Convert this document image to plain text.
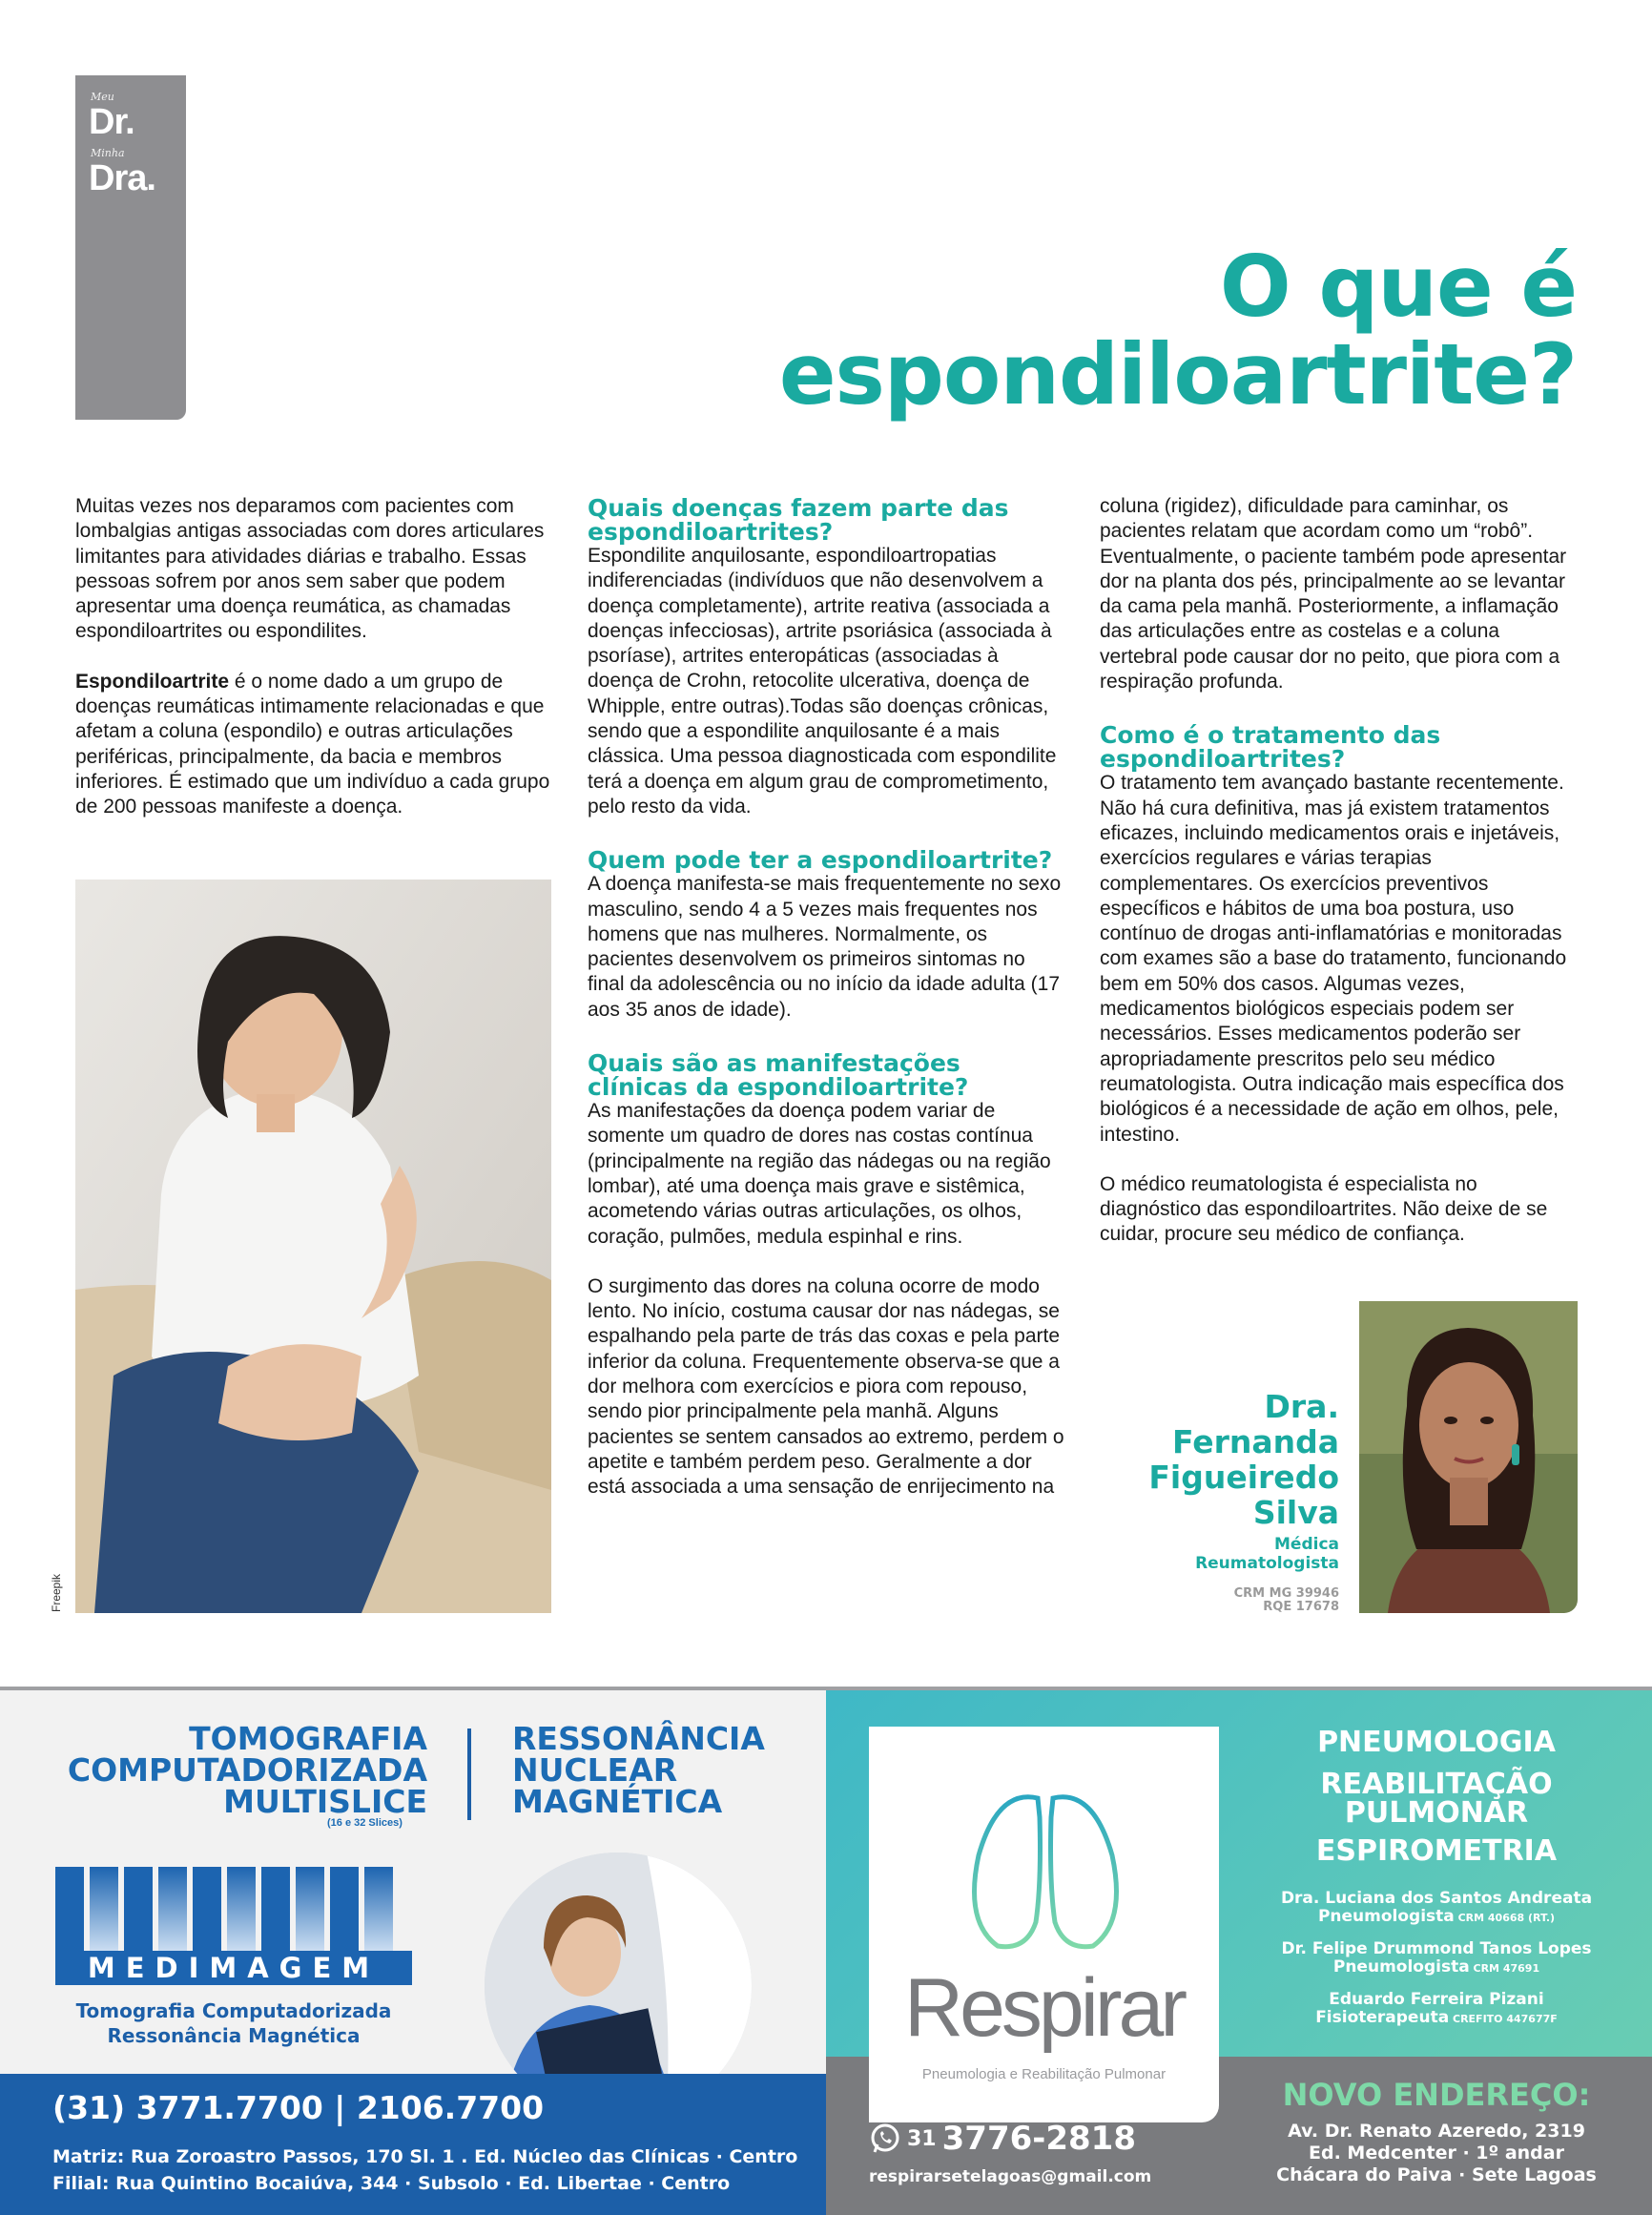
Meu
Dr.
Minha
Dra.
O que é
espondiloartrite?

Muitas vezes nos deparamos com pacientes com lombalgias antigas associadas com dores articulares limitantes para atividades diárias e trabalho. Essas pessoas sofrem por anos sem saber que podem apresentar uma doença reumática, as chamadas espondiloartrites ou espondilites.

Espondiloartrite é o nome dado a um grupo de doenças reumáticas intimamente relacionadas e que afetam a coluna (espondilo) e outras articulações periféricas, principalmente, da bacia e membros inferiores. É estimado que um indivíduo a cada grupo de 200 pessoas manifeste a doença.

Freepik
Quais doenças fazem parte das espondiloartrites?

Espondilite anquilosante, espondiloartropatias indiferenciadas (indivíduos que não desenvolvem a doença completamente), artrite reativa (associada a doenças infecciosas), artrite psoriásica (associada à psoríase), artrites enteropáticas (associadas à doença de Crohn, retocolite ulcerativa, doença de Whipple, entre outras).Todas são doenças crônicas, sendo que a espondilite anquilosante é a mais clássica. Uma pessoa diagnosticada com espondilite terá a doença em algum grau de comprometimento, pelo resto da vida.

Quem pode ter a espondiloartrite?

A doença manifesta-se mais frequentemente no sexo masculino, sendo 4 a 5 vezes mais frequentes nos homens que nas mulheres. Normalmente, os pacientes desenvolvem os primeiros sintomas no final da adolescência ou no início da idade adulta (17 aos 35 anos de idade).

Quais são as manifestações clínicas da espondiloartrite?

As manifestações da doença podem variar de somente um quadro de dores nas costas contínua (principalmente na região das nádegas ou na região lombar), até uma doença mais grave e sistêmica, acometendo várias outras articulações, os olhos, coração, pulmões, medula espinhal e rins.

O surgimento das dores na coluna ocorre de modo lento. No início, costuma causar dor nas nádegas, se espalhando pela parte de trás das coxas e pela parte inferior da coluna. Frequentemente observa-se que a dor melhora com exercícios e piora com repouso, sendo pior principalmente pela manhã. Alguns pacientes se sentem cansados ao extremo, perdem o apetite e também perdem peso. Geralmente a dor está associada a uma sensação de enrijecimento na

coluna (rigidez), dificuldade para caminhar, os pacientes relatam que acordam como um “robô”. Eventualmente, o paciente também pode apresentar dor na planta dos pés, principalmente ao se levantar da cama pela manhã. Posteriormente, a inflamação das articulações entre as costelas e a coluna vertebral pode causar dor no peito, que piora com a respiração profunda.

Como é o tratamento das espondiloartrites?

O tratamento tem avançado bastante recentemente. Não há cura definitiva, mas já existem tratamentos eficazes, incluindo medicamentos orais e injetáveis, exercícios regulares e várias terapias complementares. Os exercícios preventivos específicos e hábitos de uma boa postura, uso contínuo de drogas anti-inflamatórias e monitoradas com exames são a base do tratamento, funcionando bem em 50% dos casos. Algumas vezes, medicamentos biológicos especiais podem ser necessários. Esses medicamentos poderão ser apropriadamente prescritos pelo seu médico reumatologista. Outra indicação mais específica dos biológicos é a necessidade de ação em olhos, pele, intestino.

O médico reumatologista é especialista no diagnóstico das espondiloartrites. Não deixe de se cuidar, procure seu médico de confiança.

Dra.
Fernanda
Figueiredo
Silva
Médica
Reumatologista
CRM MG 39946
RQE 17678
TOMOGRAFIA
COMPUTADORIZADA
MULTISLICE
(16 e 32 Slices)
RESSONÂNCIA
NUCLEAR
MAGNÉTICA
MEDIMAGEM
Tomografia Computadorizada
Ressonância Magnética
(31) 3771.7700 | 2106.7700
Matriz: Rua Zoroastro Passos, 170 Sl. 1 . Ed. Núcleo das Clínicas · Centro
Filial: Rua Quintino Bocaiúva, 344 · Subsolo · Ed. Libertae · Centro
Respirar
Pneumologia e Reabilitação Pulmonar
PNEUMOLOGIA
REABILITAÇÃO
PULMONAR
ESPIROMETRIA
Dra. Luciana dos Santos Andreata
Pneumologista CRM 40668 (RT.)
Dr. Felipe Drummond Tanos Lopes
Pneumologista CRM 47691
Eduardo Ferreira Pizani
Fisioterapeuta CREFITO 447677F
NOVO ENDEREÇO:
Av. Dr. Renato Azeredo, 2319
Ed. Medcenter · 1º andar
Chácara do Paiva · Sete Lagoas
31 3776-2818
respirarsetelagoas@gmail.com
